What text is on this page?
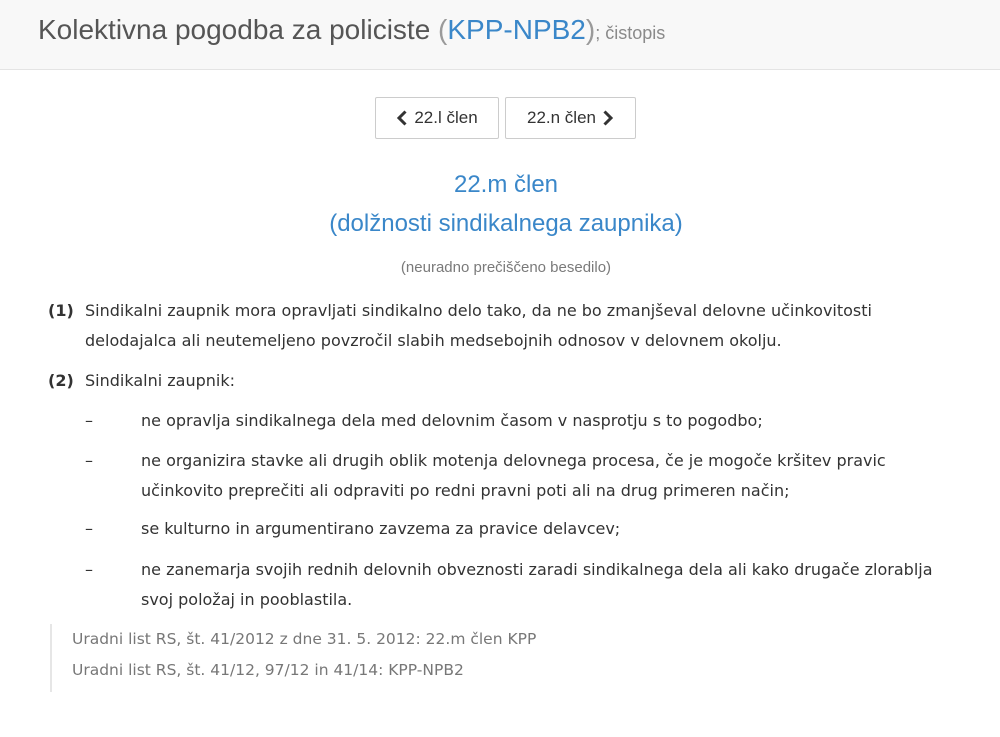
Kolektivna pogodba za policiste (KPP-NPB2); čistopis
22.l člen	22.n člen
22.m člen
(dolžnosti sindikalnega zaupnika)
(neuradno prečiščeno besedilo)
(1) Sindikalni zaupnik mora opravljati sindikalno delo tako, da ne bo zmanjševal delovne učinkovitosti delodajalca ali neutemeljeno povzročil slabih medsebojnih odnosov v delovnem okolju.
(2) Sindikalni zaupnik:
–	ne opravlja sindikalnega dela med delovnim časom v nasprotju s to pogodbo;
–	ne organizira stavke ali drugih oblik motenja delovnega procesa, če je mogoče kršitev pravic učinkovito preprečiti ali odpraviti po redni pravni poti ali na drug primeren način;
–	se kulturno in argumentirano zavzema za pravice delavcev;
–	ne zanemarja svojih rednih delovnih obveznosti zaradi sindikalnega dela ali kako drugače zlorablja svoj položaj in pooblastila.
Uradni list RS, št. 41/2012 z dne 31. 5. 2012: 22.m člen KPP
Uradni list RS, št. 41/12, 97/12 in 41/14: KPP-NPB2
